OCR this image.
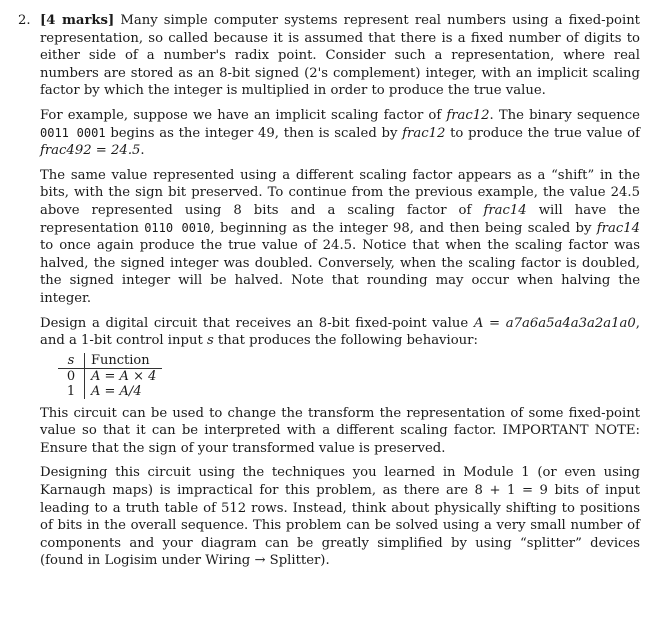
2. [4 marks] Many simple computer systems represent real numbers using a fixed-point representation, so called because it is assumed that there is a fixed number of digits to either side of a number's radix point. Consider such a representation, where real numbers are stored as an 8-bit signed (2's complement) integer, with an implicit scaling factor by which the integer is multiplied in order to produce the true value.

For example, suppose we have an implicit scaling factor of frac12. The binary sequence 0011 0001 begins as the integer 49, then is scaled by frac12 to produce the true value of frac492 = 24.5.

The same value represented using a different scaling factor appears as a “shift” in the bits, with the sign bit preserved. To continue from the previous example, the value 24.5 above represented using 8 bits and a scaling factor of frac14 will have the representation 0110 0010, beginning as the integer 98, and then being scaled by frac14 to once again produce the true value of 24.5. Notice that when the scaling factor was halved, the signed integer was doubled. Conversely, when the scaling factor is doubled, the signed integer will be halved. Note that rounding may occur when halving the integer.

Design a digital circuit that receives an 8-bit fixed-point value A = a7a6a5a4a3a2a1a0, and a 1-bit control input s that produces the following behaviour:

s	Function
0	A = A × 4
1	A = A/4

This circuit can be used to change the transform the representation of some fixed-point value so that it can be interpreted with a different scaling factor. IMPORTANT NOTE: Ensure that the sign of your transformed value is preserved.

Designing this circuit using the techniques you learned in Module 1 (or even using Karnaugh maps) is impractical for this problem, as there are 8 + 1 = 9 bits of input leading to a truth table of 512 rows. Instead, think about physically shifting to positions of bits in the overall sequence. This problem can be solved using a very small number of components and your diagram can be greatly simplified by using “splitter” devices (found in Logisim under Wiring → Splitter).
